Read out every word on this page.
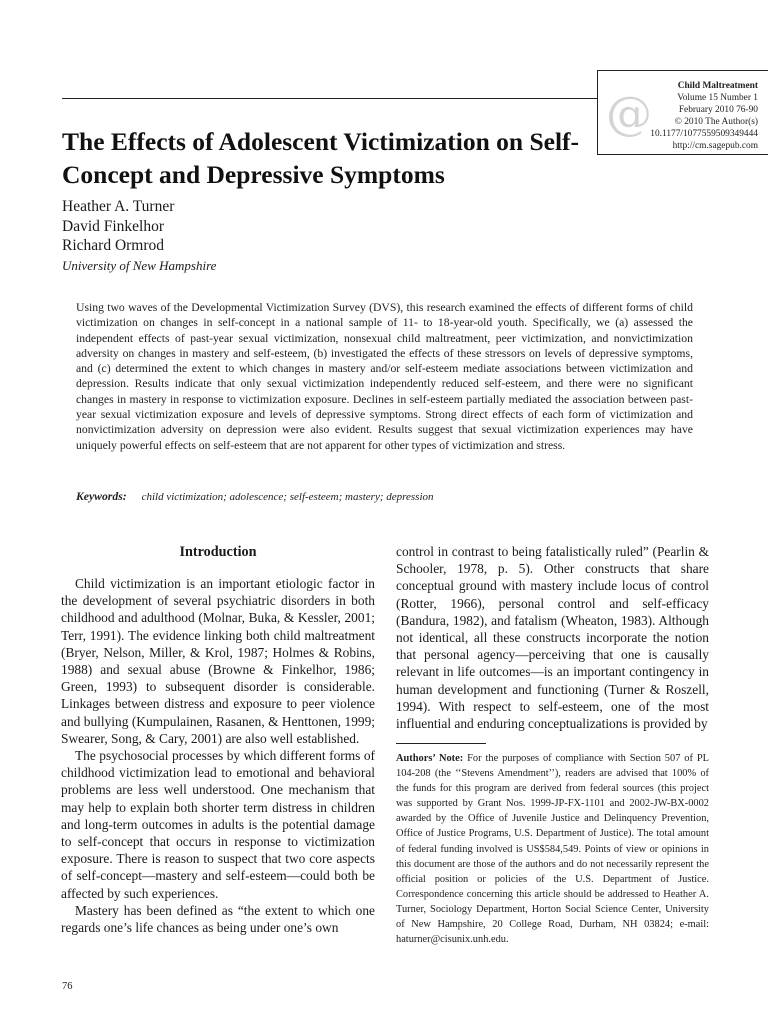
@	Child Maltreatment
Volume 15 Number 1
February 2010 76-90
© 2010 The Author(s)
10.1177/1077559509349444
http://cm.sagepub.com
The Effects of Adolescent Victimization on Self-Concept and Depressive Symptoms
Heather A. Turner
David Finkelhor
Richard Ormrod
University of New Hampshire
Using two waves of the Developmental Victimization Survey (DVS), this research examined the effects of different forms of child victimization on changes in self-concept in a national sample of 11- to 18-year-old youth. Specifically, we (a) assessed the independent effects of past-year sexual victimization, nonsexual child maltreatment, peer victimization, and nonvictimization adversity on changes in mastery and self-esteem, (b) investigated the effects of these stressors on levels of depressive symptoms, and (c) determined the extent to which changes in mastery and/or self-esteem mediate associations between victimization and depression. Results indicate that only sexual victimization independently reduced self-esteem, and there were no significant changes in mastery in response to victimization exposure. Declines in self-esteem partially mediated the association between past-year sexual victimization exposure and levels of depressive symptoms. Strong direct effects of each form of victimization and nonvictimization adversity on depression were also evident. Results suggest that sexual victimization experiences may have uniquely powerful effects on self-esteem that are not apparent for other types of victimization and stress.
Keywords: child victimization; adolescence; self-esteem; mastery; depression
Introduction

Child victimization is an important etiologic factor in the development of several psychiatric disorders in both childhood and adulthood (Molnar, Buka, & Kessler, 2001; Terr, 1991). The evidence linking both child maltreatment (Bryer, Nelson, Miller, & Krol, 1987; Holmes & Robins, 1988) and sexual abuse (Browne & Finkelhor, 1986; Green, 1993) to subsequent disorder is considerable. Linkages between distress and exposure to peer violence and bullying (Kumpulainen, Rasanen, & Henttonen, 1999; Swearer, Song, & Cary, 2001) are also well established.

The psychosocial processes by which different forms of childhood victimization lead to emotional and behavioral problems are less well understood. One mechanism that may help to explain both shorter term distress in children and long-term outcomes in adults is the potential damage to self-concept that occurs in response to victimization exposure. There is reason to suspect that two core aspects of self-concept—mastery and self-esteem—could both be affected by such experiences.

Mastery has been defined as “the extent to which one regards one’s life chances as being under one’s own

control in contrast to being fatalistically ruled” (Pearlin & Schooler, 1978, p. 5). Other constructs that share conceptual ground with mastery include locus of control (Rotter, 1966), personal control and self-efficacy (Bandura, 1982), and fatalism (Wheaton, 1983). Although not identical, all these constructs incorporate the notion that personal agency—perceiving that one is causally relevant in life outcomes—is an important contingency in human development and functioning (Turner & Roszell, 1994). With respect to self-esteem, one of the most influential and enduring conceptualizations is provided by

Authors’ Note: For the purposes of compliance with Section 507 of PL 104-208 (the ‘‘Stevens Amendment’’), readers are advised that 100% of the funds for this program are derived from federal sources (this project was supported by Grant Nos. 1999-JP-FX-1101 and 2002-JW-BX-0002 awarded by the Office of Juvenile Justice and Delinquency Prevention, Office of Justice Programs, U.S. Department of Justice). The total amount of federal funding involved is US$584,549. Points of view or opinions in this document are those of the authors and do not necessarily represent the official position or policies of the U.S. Department of Justice. Correspondence concerning this article should be addressed to Heather A. Turner, Sociology Department, Horton Social Science Center, University of New Hampshire, 20 College Road, Durham, NH 03824; e-mail: haturner@cisunix.unh.edu.
76
